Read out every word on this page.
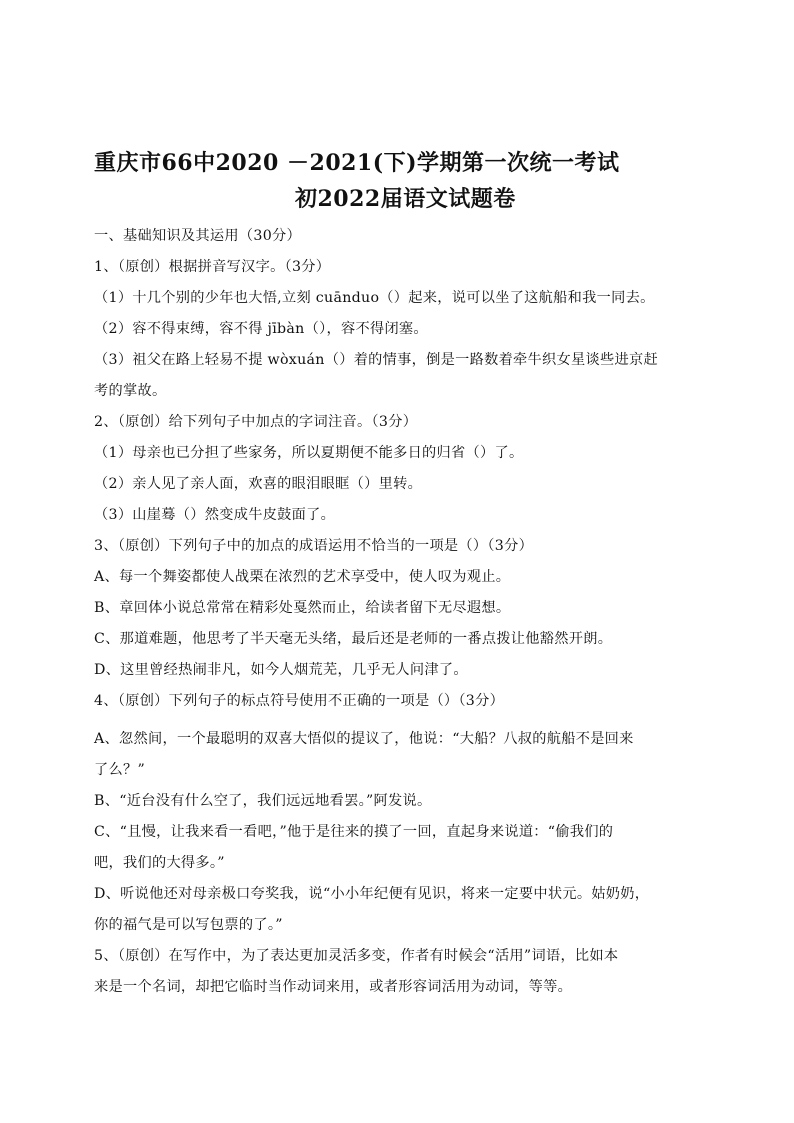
重庆市66中2020 －2021(下)学期第一次统一考试
初2022届语文试题卷
一、基础知识及其运用（30分）
1、（原创）根据拼音写汉字。（3分）
（1）十几个别的少年也大悟,立刻 cuānduo（）起来，说可以坐了这航船和我一同去。
（2）容不得束缚，容不得 jībàn（），容不得闭塞。
（3）祖父在路上轻易不提 wòxuán（）着的情事，倒是一路数着牵牛织女星谈些进京赶
考的掌故。
2、（原创）给下列句子中加点的字词注音。（3分）
（1）母亲也已分担了些家务，所以夏期便不能多日的归省（）了。
（2）亲人见了亲人面，欢喜的眼泪眼眶（）里转。
（3）山崖蓦（）然变成牛皮鼓面了。
3、（原创）下列句子中的加点的成语运用不恰当的一项是（）（3分）
A、每一个舞姿都使人战栗在浓烈的艺术享受中，使人叹为观止。
B、章回体小说总常常在精彩处戛然而止，给读者留下无尽遐想。
C、那道难题，他思考了半天毫无头绪，最后还是老师的一番点拨让他豁然开朗。
D、这里曾经热闹非凡，如今人烟荒芜，几乎无人问津了。
4、（原创）下列句子的标点符号使用不正确的一项是（）（3分）
A、忽然间，一个最聪明的双喜大悟似的提议了，他说：“大船？八叔的航船不是回来
了么？”
B、“近台没有什么空了，我们远远地看罢。”阿发说。
C、“且慢，让我来看一看吧，”他于是往来的摸了一回，直起身来说道：“偷我们的
吧，我们的大得多。”
D、听说他还对母亲极口夸奖我，说“小小年纪便有见识，将来一定要中状元。姑奶奶，
你的福气是可以写包票的了。”
5、（原创）在写作中，为了表达更加灵活多变，作者有时候会“活用”词语，比如本
来是一个名词，却把它临时当作动词来用，或者形容词活用为动词，等等。
